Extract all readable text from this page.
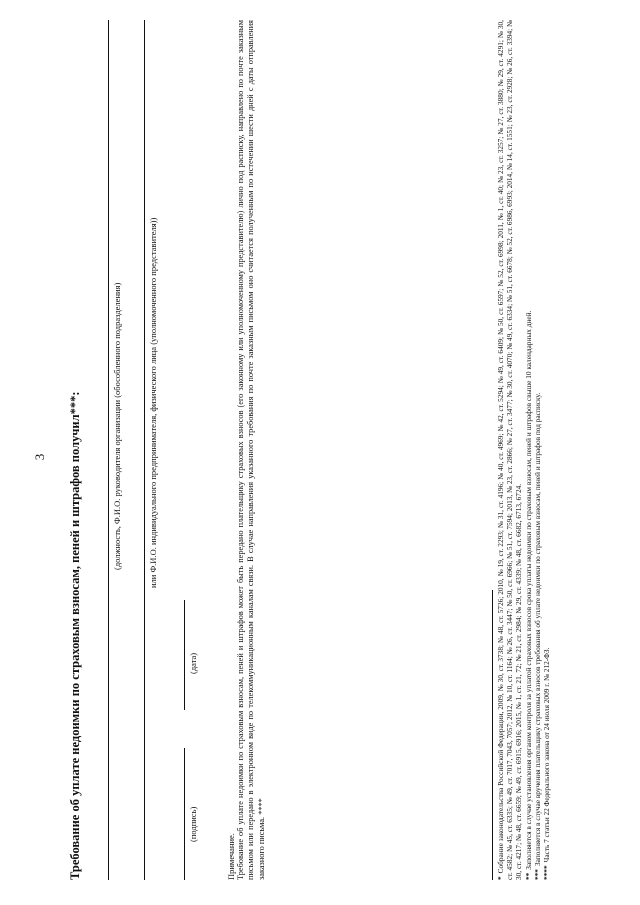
3 Требование об уплате недоимки по страховым взносам, пеней и штрафов получил***:	(должность, Ф.И.О. руководителя организации (обособленного подразделения)	или Ф.И.О. индивидуального предпринимателя, физического лица (уполномоченного представителя))
(подпись)
(дата)
Примечание. Требование об уплате недоимки по страховым взносам, пеней и штрафов может быть передано плательщику страховых взносов (его законному или уполномоченному представителю) лично под расписку, направлено по почте заказным письмом или передано в электронном виде по телекоммуникационным каналам связи. В случае направления указанного требования по почте заказным письмом оно считается полученным по истечении шести дней с даты отправления заказного письма. ****	*Собрание законодательства Российской Федерации, 2009, № 30, ст. 3738; № 48, ст. 5726; 2010, № 19, ст. 2293; № 31, ст. 4196; № 40, ст. 4969; № 42, ст. 5294; № 49, ст. 6409; № 50, ст. 6597; № 52, ст. 6998; 2011, № 1, ст. 40; № 23, ст. 3257; № 27, ст. 3880; № 29, ст. 4291; № 30, ст. 4582; № 45, ст. 6335; № 49, ст. 7017, 7043, 7057; 2012, № 10, ст. 1164; № 26, ст. 3447; № 50, ст. 6966; № 51, ст. 7594; 2013, № 23, ст. 2866; № 27, ст. 3477; № 30, ст. 4070; № 49, ст. 6334; № 51, ст. 6678; № 52, ст. 6986, 6993; 2014, № 14, ст. 1551; № 23, ст. 2928; № 26, ст. 3394; № 30, ст. 4217; № 48, ст. 6659; № 49, ст. 6915, 6916; 2015, № 1, ст. 21, 72; № 21, ст. 2984; № 29, ст. 4339; № 48, ст. 6682, 6713, 6724. **Заполняется в случае установления органом контроля за уплатой страховых взносов срока уплаты недоимки по страховым взносам, пеней и штрафов свыше 10 календарных дней.
***Заполняется в случае вручения плательщику страховых взносов требования об уплате недоимки по страховым взносам, пеней и штрафов под расписку.
****Часть 7 статьи 22 Федерального закона от 24 июля 2009 г. № 212-ФЗ.
